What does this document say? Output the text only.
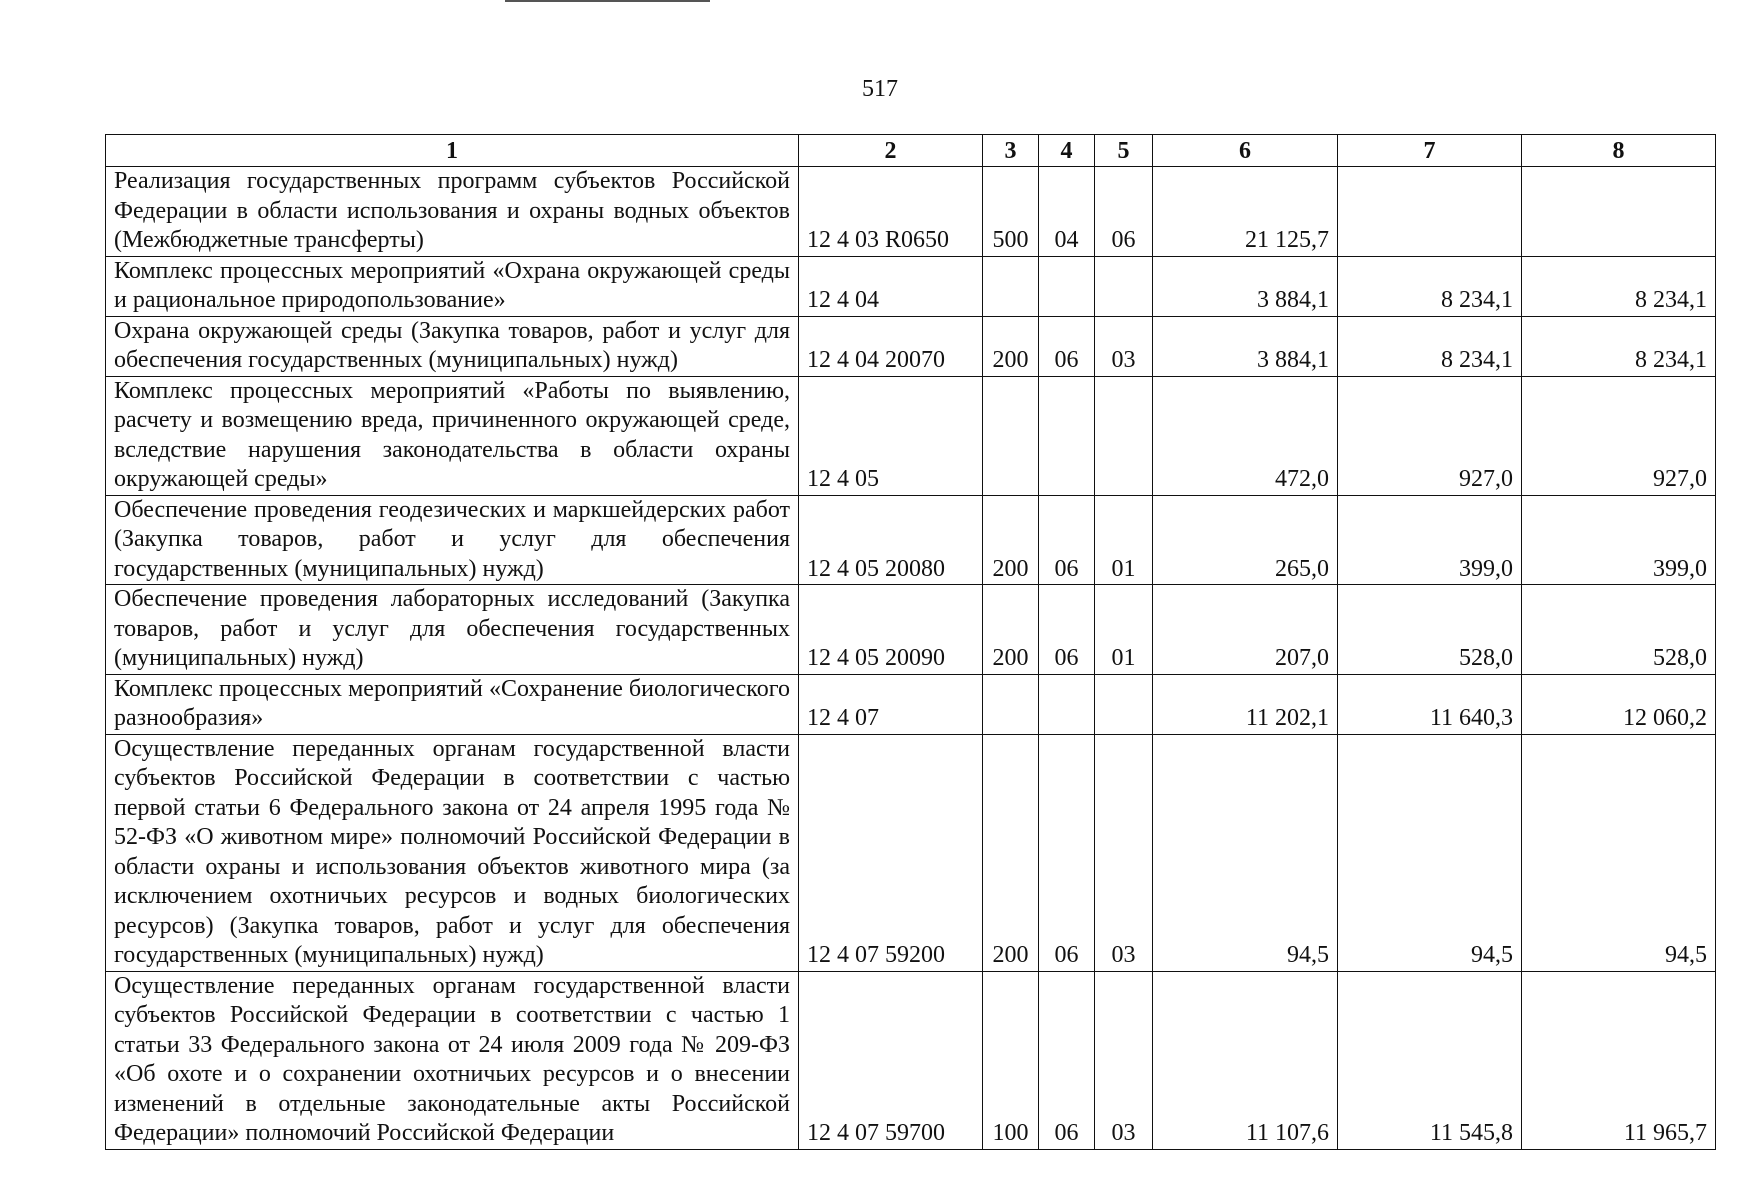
517
1	2	3	4	5	6	7	8
Реализация государственных программ субъектов Российской Федерации в области использования и охраны водных объектов (Межбюджетные трансферты)	12 4 03 R0650	500	04	06	21 125,7		
Комплекс процессных мероприятий «Охрана окружающей среды и рациональное природопользование»	12 4 04				3 884,1	8 234,1	8 234,1
Охрана окружающей среды (Закупка товаров, работ и услуг для обеспечения государственных (муниципальных) нужд)	12 4 04 20070	200	06	03	3 884,1	8 234,1	8 234,1
Комплекс процессных мероприятий «Работы по выявлению, расчету и возмещению вреда, причиненного окружающей среде, вследствие нарушения законодательства в области охраны окружающей среды»	12 4 05				472,0	927,0	927,0
Обеспечение проведения геодезических и маркшейдерских работ (Закупка товаров, работ и услуг для обеспечения государственных (муниципальных) нужд)	12 4 05 20080	200	06	01	265,0	399,0	399,0
Обеспечение проведения лабораторных исследований (Закупка товаров, работ и услуг для обеспечения государственных (муниципальных) нужд)	12 4 05 20090	200	06	01	207,0	528,0	528,0
Комплекс процессных мероприятий «Сохранение биологического разнообразия»	12 4 07				11 202,1	11 640,3	12 060,2
Осуществление переданных органам государственной власти субъектов Российской Федерации в соответствии с частью первой статьи 6 Федерального закона от 24 апреля 1995 года № 52-ФЗ «О животном мире» полномочий Российской Федерации в области охраны и использования объектов животного мира (за исключением охотничьих ресурсов и водных биологических ресурсов) (Закупка товаров, работ и услуг для обеспечения государственных (муниципальных) нужд)	12 4 07 59200	200	06	03	94,5	94,5	94,5
Осуществление переданных органам государственной власти субъектов Российской Федерации в соответствии с частью 1 статьи 33 Федерального закона от 24 июля 2009 года № 209-ФЗ «Об охоте и о сохранении охотничьих ресурсов и о внесении изменений в отдельные законодательные акты Российской Федерации» полномочий Российской Федерации	12 4 07 59700	100	06	03	11 107,6	11 545,8	11 965,7
